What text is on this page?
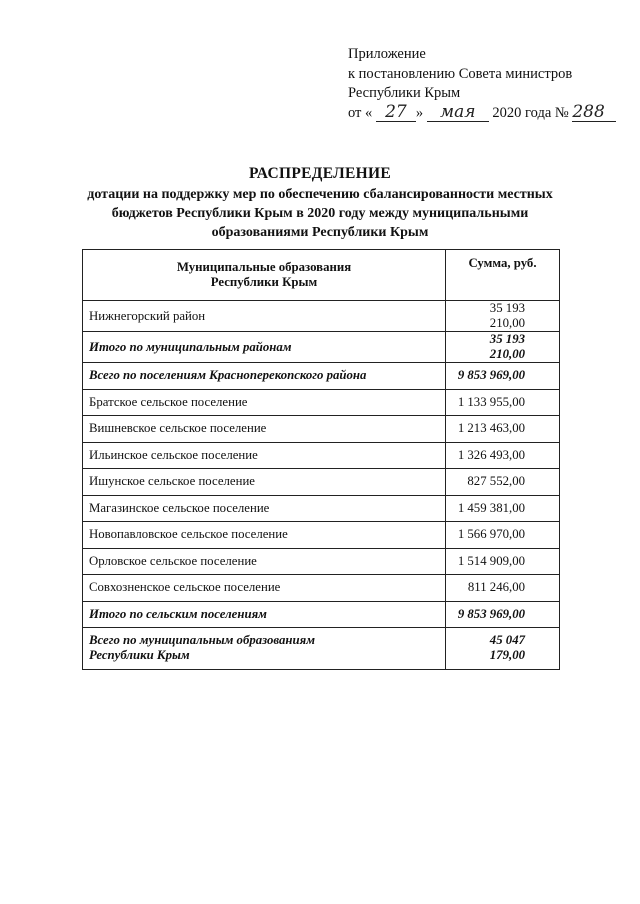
Приложение
к постановлению Совета министров
Республики Крым
от « 27 » мая 2020 года № 288
РАСПРЕДЕЛЕНИЕ
дотации на поддержку мер по обеспечению сбалансированности местных
бюджетов Республики Крым в 2020 году между муниципальными
образованиями Республики Крым
Муниципальные образования
Республики Крым	Сумма, руб.
Нижнегорский район	35 193 210,00
Итого по муниципальным районам	35 193 210,00
Всего по поселениям Красноперекопского района	9 853 969,00
Братское сельское поселение	1 133 955,00
Вишневское сельское поселение	1 213 463,00
Ильинское сельское поселение	1 326 493,00
Ишунское сельское поселение	827 552,00
Магазинское сельское поселение	1 459 381,00
Новопавловское сельское поселение	1 566 970,00
Орловское сельское поселение	1 514 909,00
Совхозненское сельское поселение	811 246,00
Итого по сельским поселениям	9 853 969,00

Всего по муниципальным образованиям
Республики Крым	45 047 179,00
